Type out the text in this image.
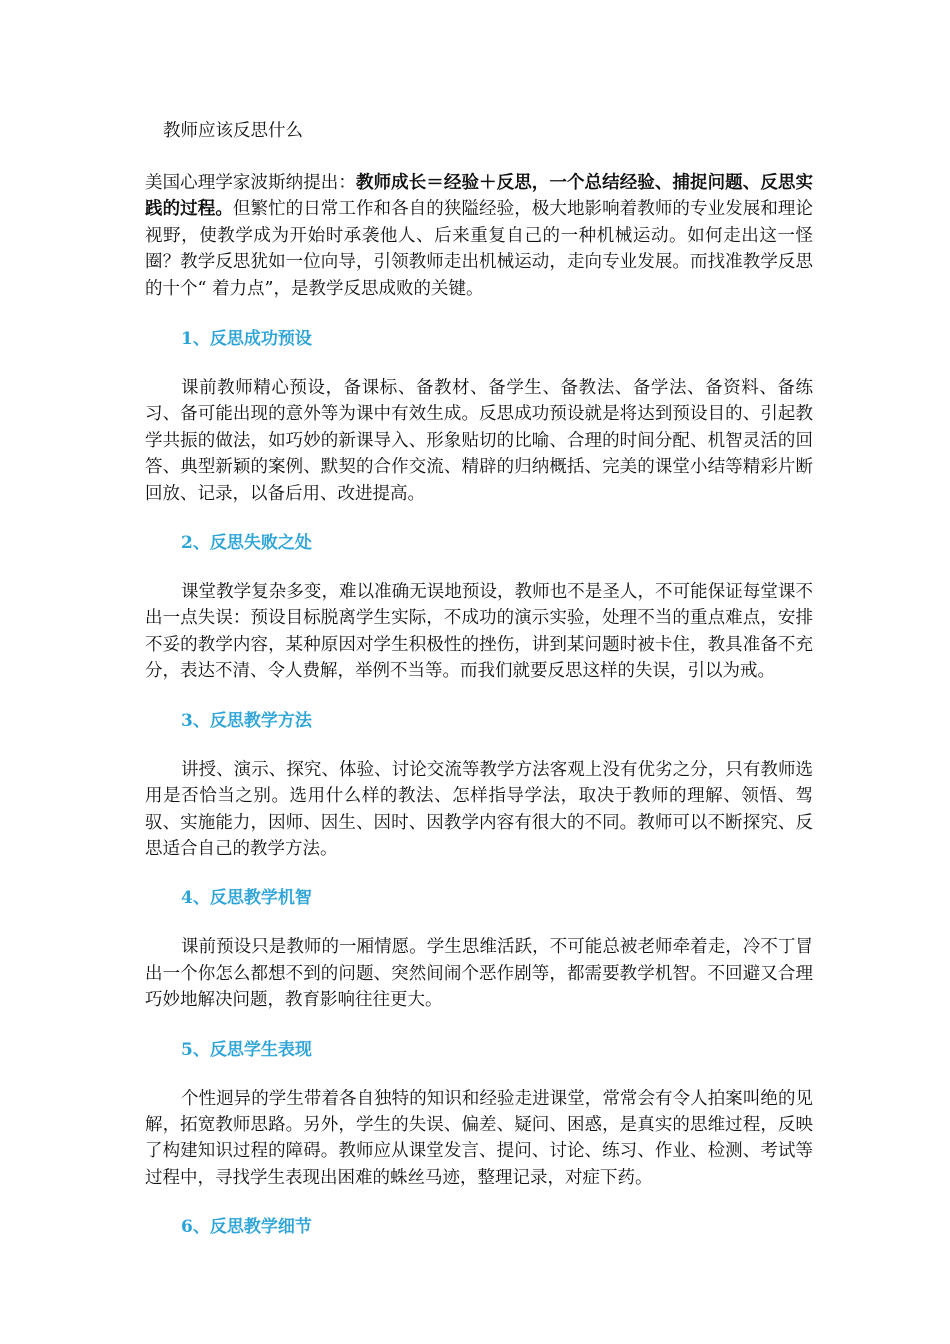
教师应该反思什么

美国心理学家波斯纳提出：教师成长＝经验＋反思，一个总结经验、捕捉问题、反思实践的过程。但繁忙的日常工作和各自的狭隘经验，极大地影响着教师的专业发展和理论视野，使教学成为开始时承袭他人、后来重复自己的一种机械运动。如何走出这一怪圈？教学反思犹如一位向导，引领教师走出机械运动，走向专业发展。而找准教学反思的十个“ 着力点”，是教学反思成败的关键。

1、反思成功预设

课前教师精心预设，备课标、备教材、备学生、备教法、备学法、备资料、备练习、备可能出现的意外等为课中有效生成。反思成功预设就是将达到预设目的、引起教学共振的做法，如巧妙的新课导入、形象贴切的比喻、合理的时间分配、机智灵活的回答、典型新颖的案例、默契的合作交流、精辟的归纳概括、完美的课堂小结等精彩片断回放、记录，以备后用、改进提高。

2、反思失败之处

课堂教学复杂多变，难以准确无误地预设，教师也不是圣人，不可能保证每堂课不出一点失误：预设目标脱离学生实际，不成功的演示实验，处理不当的重点难点，安排不妥的教学内容，某种原因对学生积极性的挫伤，讲到某问题时被卡住，教具准备不充分，表达不清、令人费解，举例不当等。而我们就要反思这样的失误，引以为戒。

3、反思教学方法

讲授、演示、探究、体验、讨论交流等教学方法客观上没有优劣之分，只有教师选用是否恰当之别。选用什么样的教法、怎样指导学法，取决于教师的理解、领悟、驾驭、实施能力，因师、因生、因时、因教学内容有很大的不同。教师可以不断探究、反思适合自己的教学方法。

4、反思教学机智

课前预设只是教师的一厢情愿。学生思维活跃，不可能总被老师牵着走，冷不丁冒出一个你怎么都想不到的问题、突然间闹个恶作剧等，都需要教学机智。不回避又合理巧妙地解决问题，教育影响往往更大。

5、反思学生表现

个性迥异的学生带着各自独特的知识和经验走进课堂，常常会有令人拍案叫绝的见解，拓宽教师思路。另外，学生的失误、偏差、疑问、困惑，是真实的思维过程，反映了构建知识过程的障碍。教师应从课堂发言、提问、讨论、练习、作业、检测、考试等过程中，寻找学生表现出困难的蛛丝马迹，整理记录，对症下药。

6、反思教学细节
